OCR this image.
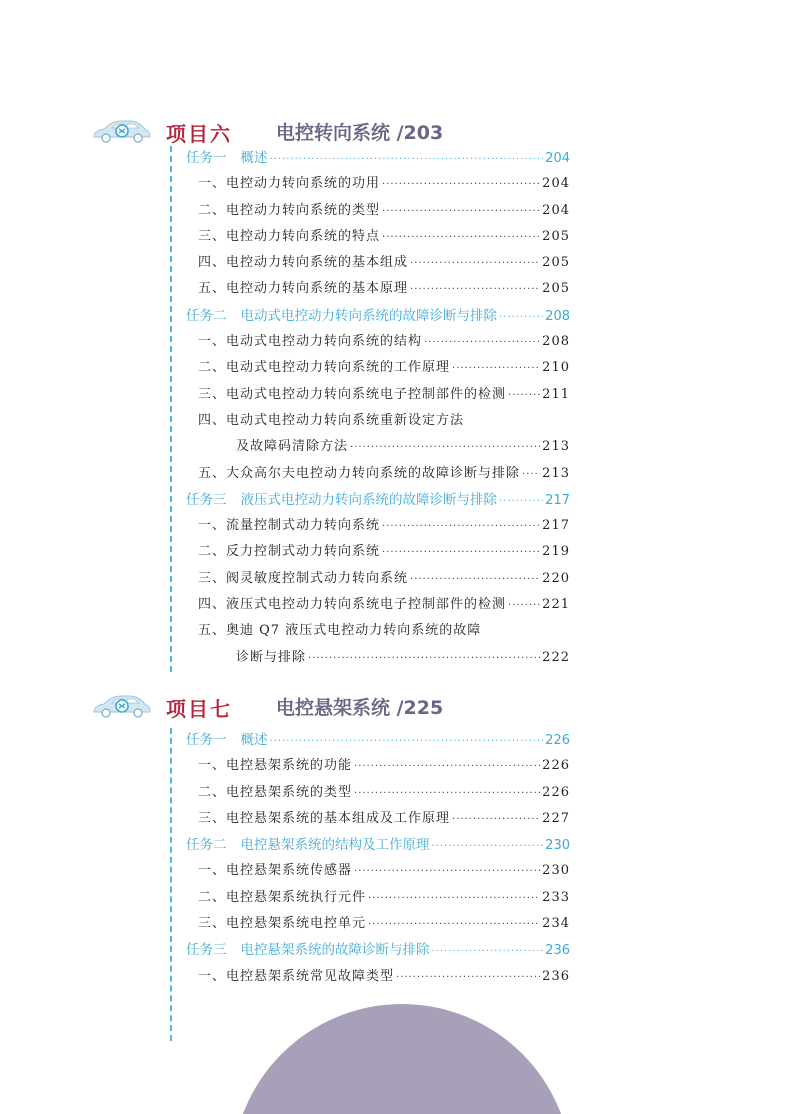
项目六 电控转向系统 /203
任务一 概述 ·····	204
一、电控动力转向系统的功用 ·····	204
二、电控动力转向系统的类型 ·····	204
三、电控动力转向系统的特点 ·····	205
四、电控动力转向系统的基本组成 ·····	205
五、电控动力转向系统的基本原理 ·····	205
任务二 电动式电控动力转向系统的故障诊断与排除 ·····	208
一、电动式电控动力转向系统的结构 ·····	208
二、电动式电控动力转向系统的工作原理 ·····	210
三、电动式电控动力转向系统电子控制部件的检测 ·····	211
四、电动式电控动力转向系统重新设定方法
及故障码清除方法 ·····	213
五、大众高尔夫电控动力转向系统的故障诊断与排除 ····· 213
任务三 液压式电控动力转向系统的故障诊断与排除 ·····	217
一、流量控制式动力转向系统 ·····	217
二、反力控制式动力转向系统 ·····	219
三、阀灵敏度控制式动力转向系统 ·····	220
四、液压式电控动力转向系统电子控制部件的检测 ·····	221
五、奥迪 Q7 液压式电控动力转向系统的故障
诊断与排除 ·····	222
项目七 电控悬架系统 /225
任务一 概述 ·····	226
一、电控悬架系统的功能 ·····	226
二、电控悬架系统的类型 ·····	226
三、电控悬架系统的基本组成及工作原理 ·····	227
任务二 电控悬架系统的结构及工作原理 ·····	230
一、电控悬架系统传感器 ·····	230
二、电控悬架系统执行元件 ·····	233
三、电控悬架系统电控单元 ·····	234
任务三 电控悬架系统的故障诊断与排除 ·····	236
一、电控悬架系统常见故障类型 ·····	236
